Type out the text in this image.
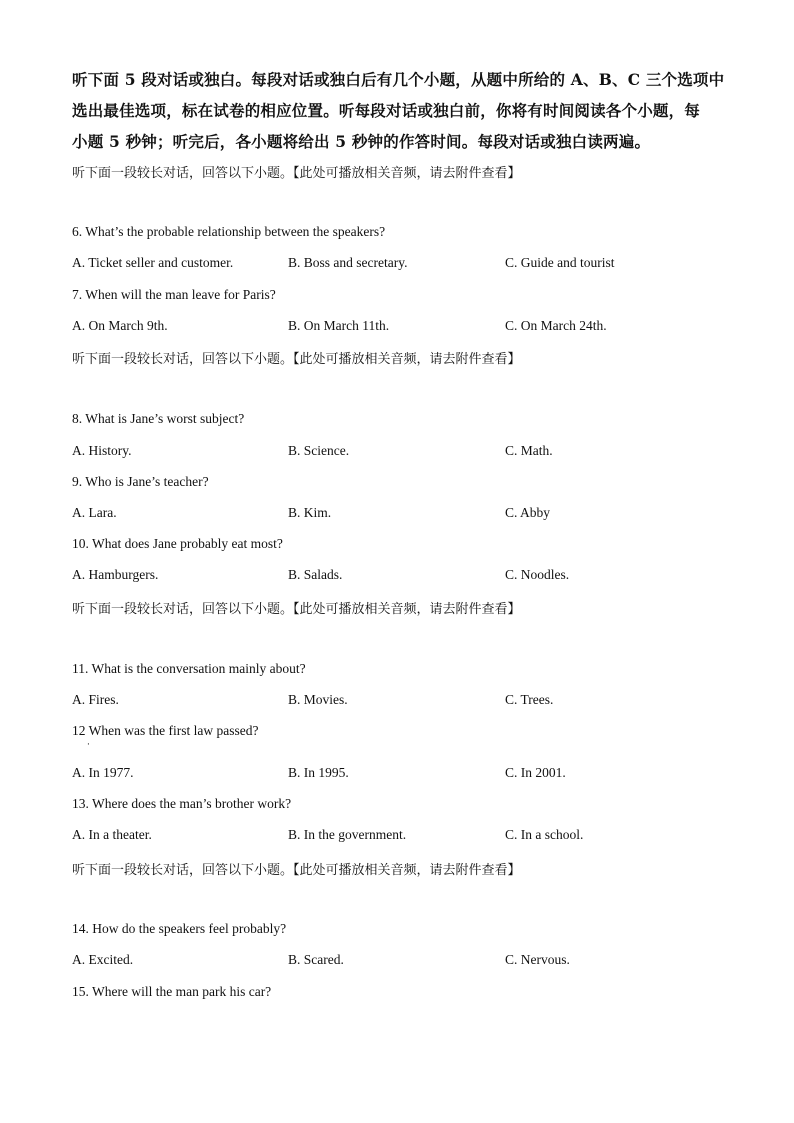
听下面 5 段对话或独白。每段对话或独白后有几个小题，从题中所给的 A、B、C 三个选项中
选出最佳选项，标在试卷的相应位置。听每段对话或独白前，你将有时间阅读各个小题，每
小题 5 秒钟；听完后，各小题将给出 5 秒钟的作答时间。每段对话或独白读两遍。
听下面一段较长对话，回答以下小题。【此处可播放相关音频，请去附件查看】
6. What’s the probable relationship between the speakers?
A. Ticket seller and customer.	B. Boss and secretary.	C. Guide and tourist
7. When will the man leave for Paris?
A. On March 9th.	B. On March 11th.	C. On March 24th.
听下面一段较长对话，回答以下小题。【此处可播放相关音频，请去附件查看】
8. What is Jane’s worst subject?
A. History.	B. Science.	C. Math.
9. Who is Jane’s teacher?
A. Lara.	B. Kim.	C. Abby
10. What does Jane probably eat most?
A. Hamburgers.	B. Salads.	C. Noodles.
听下面一段较长对话，回答以下小题。【此处可播放相关音频，请去附件查看】
11. What is the conversation mainly about?
A. Fires.	B. Movies.	C. Trees.
12 When was the first law passed?
·
A. In 1977.	B. In 1995.	C. In 2001.
13. Where does the man’s brother work?
A. In a theater.	B. In the government.	C. In a school.
听下面一段较长对话，回答以下小题。【此处可播放相关音频，请去附件查看】
14. How do the speakers feel probably?
A. Excited.	B. Scared.	C. Nervous.
15. Where will the man park his car?
